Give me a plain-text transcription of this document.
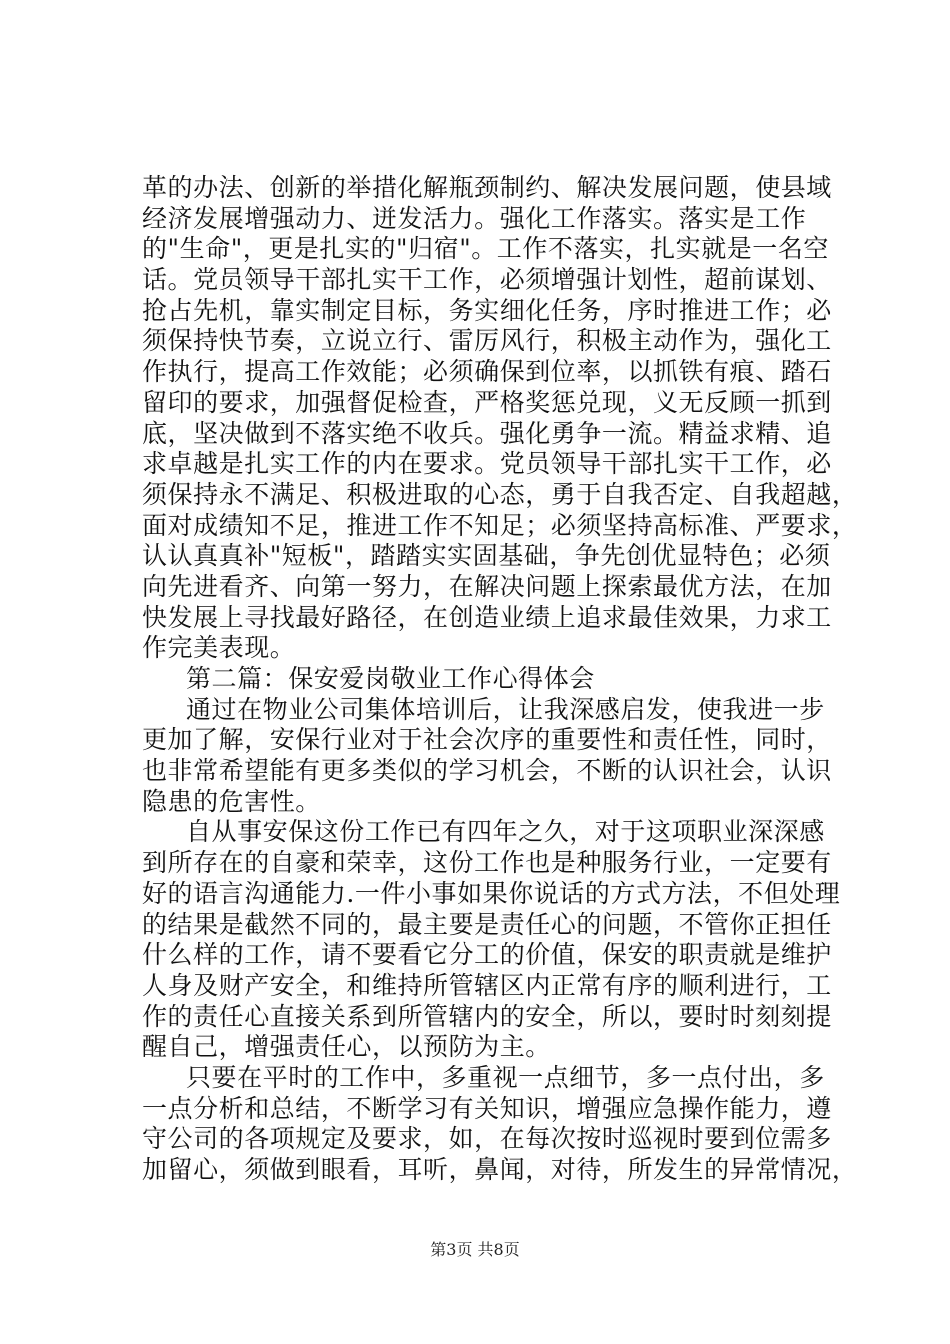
革的办法、创新的举措化解瓶颈制约、解决发展问题，使县域
经济发展增强动力、迸发活力。强化工作落实。落实是工作
的"生命"，更是扎实的"归宿"。工作不落实，扎实就是一名空
话。党员领导干部扎实干工作，必须增强计划性，超前谋划、
抢占先机，靠实制定目标，务实细化任务，序时推进工作；必
须保持快节奏，立说立行、雷厉风行，积极主动作为，强化工
作执行，提高工作效能；必须确保到位率，以抓铁有痕、踏石
留印的要求，加强督促检查，严格奖惩兑现，义无反顾一抓到
底，坚决做到不落实绝不收兵。强化勇争一流。精益求精、追
求卓越是扎实工作的内在要求。党员领导干部扎实干工作，必
须保持永不满足、积极进取的心态，勇于自我否定、自我超越，
面对成绩知不足，推进工作不知足；必须坚持高标准、严要求，
认认真真补"短板"，踏踏实实固基础，争先创优显特色；必须
向先进看齐、向第一努力，在解决问题上探索最优方法，在加
快发展上寻找最好路径，在创造业绩上追求最佳效果，力求工
作完美表现。
第二篇：保安爱岗敬业工作心得体会
通过在物业公司集体培训后，让我深感启发，使我进一步
更加了解，安保行业对于社会次序的重要性和责任性，同时，
也非常希望能有更多类似的学习机会，不断的认识社会，认识
隐患的危害性。
自从事安保这份工作已有四年之久，对于这项职业深深感
到所存在的自豪和荣幸，这份工作也是种服务行业，一定要有
好的语言沟通能力.一件小事如果你说话的方式方法，不但处理
的结果是截然不同的，最主要是责任心的问题，不管你正担任
什么样的工作，请不要看它分工的价值，保安的职责就是维护
人身及财产安全，和维持所管辖区内正常有序的顺利进行，工
作的责任心直接关系到所管辖内的安全，所以，要时时刻刻提
醒自己，增强责任心，以预防为主。
只要在平时的工作中，多重视一点细节，多一点付出，多
一点分析和总结，不断学习有关知识，增强应急操作能力，遵
守公司的各项规定及要求，如，在每次按时巡视时要到位需多
加留心，须做到眼看，耳听，鼻闻，对待，所发生的异常情况，
第3页 共8页
